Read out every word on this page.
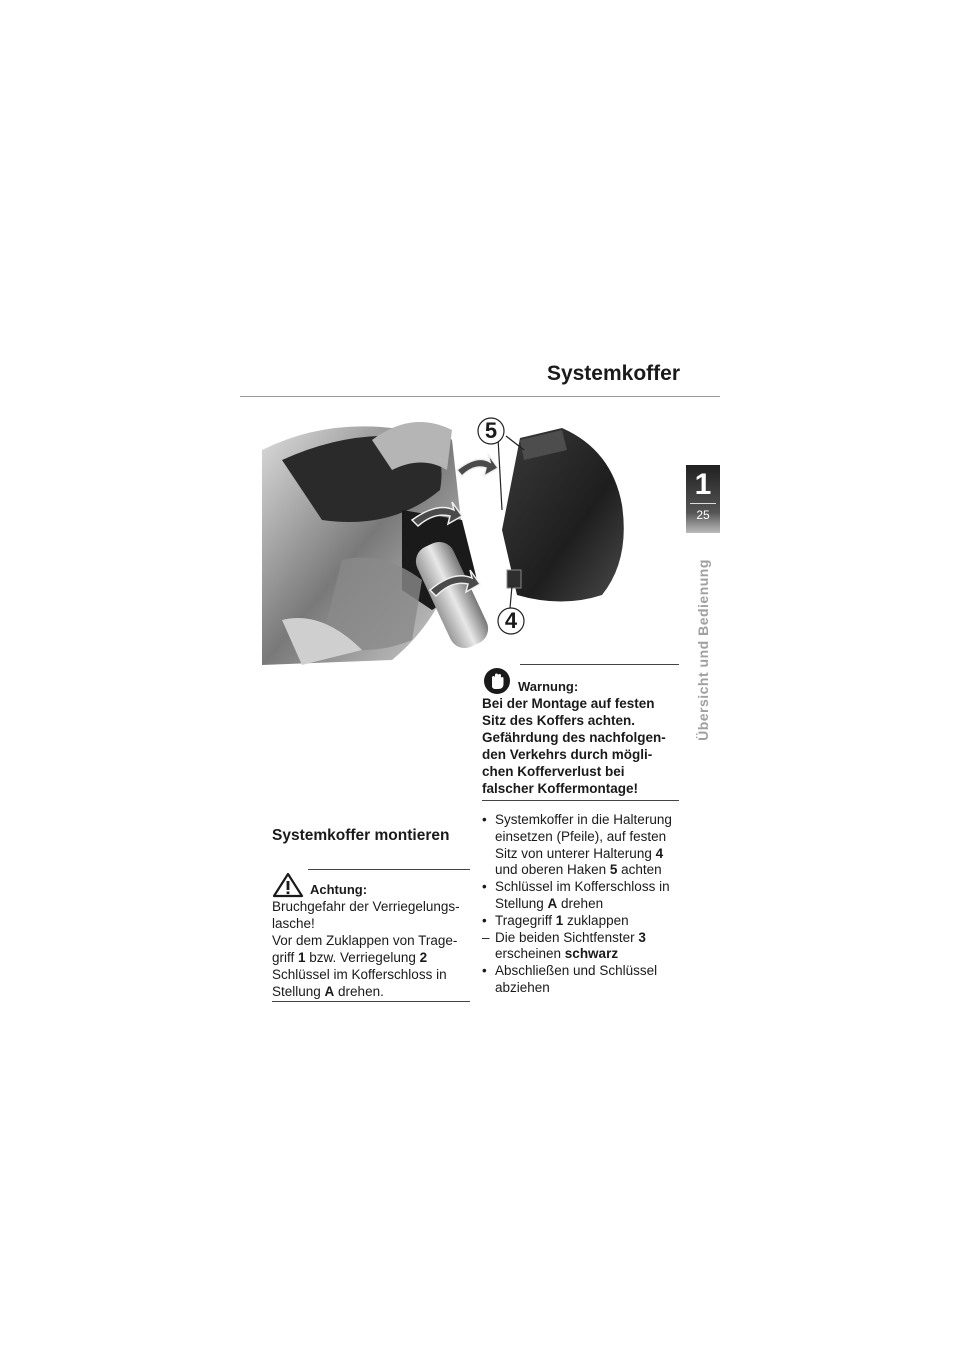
Systemkoffer
1
25
Übersicht und Bedienung
5
4
Warnung:
Bei der Montage auf festen Sitz des Koffers achten. Gefährdung des nachfolgen-den Verkehrs durch mögli-chen Kofferverlust bei falscher Koffermontage!
Systemkoffer montieren
Achtung:
Bruchgefahr der Verriegelungs-lasche!
Vor dem Zuklappen von Trage-griff 1 bzw. Verriegelung 2 Schlüssel im Kofferschloss in Stellung A drehen.
• Systemkoffer in die Halterung einsetzen (Pfeile), auf festen Sitz von unterer Halterung 4 und oberen Haken 5 achten
• Schlüssel im Kofferschloss in Stellung A drehen
• Tragegriff 1 zuklappen
– Die beiden Sichtfenster 3 erscheinen schwarz
• Abschließen und Schlüssel abziehen
